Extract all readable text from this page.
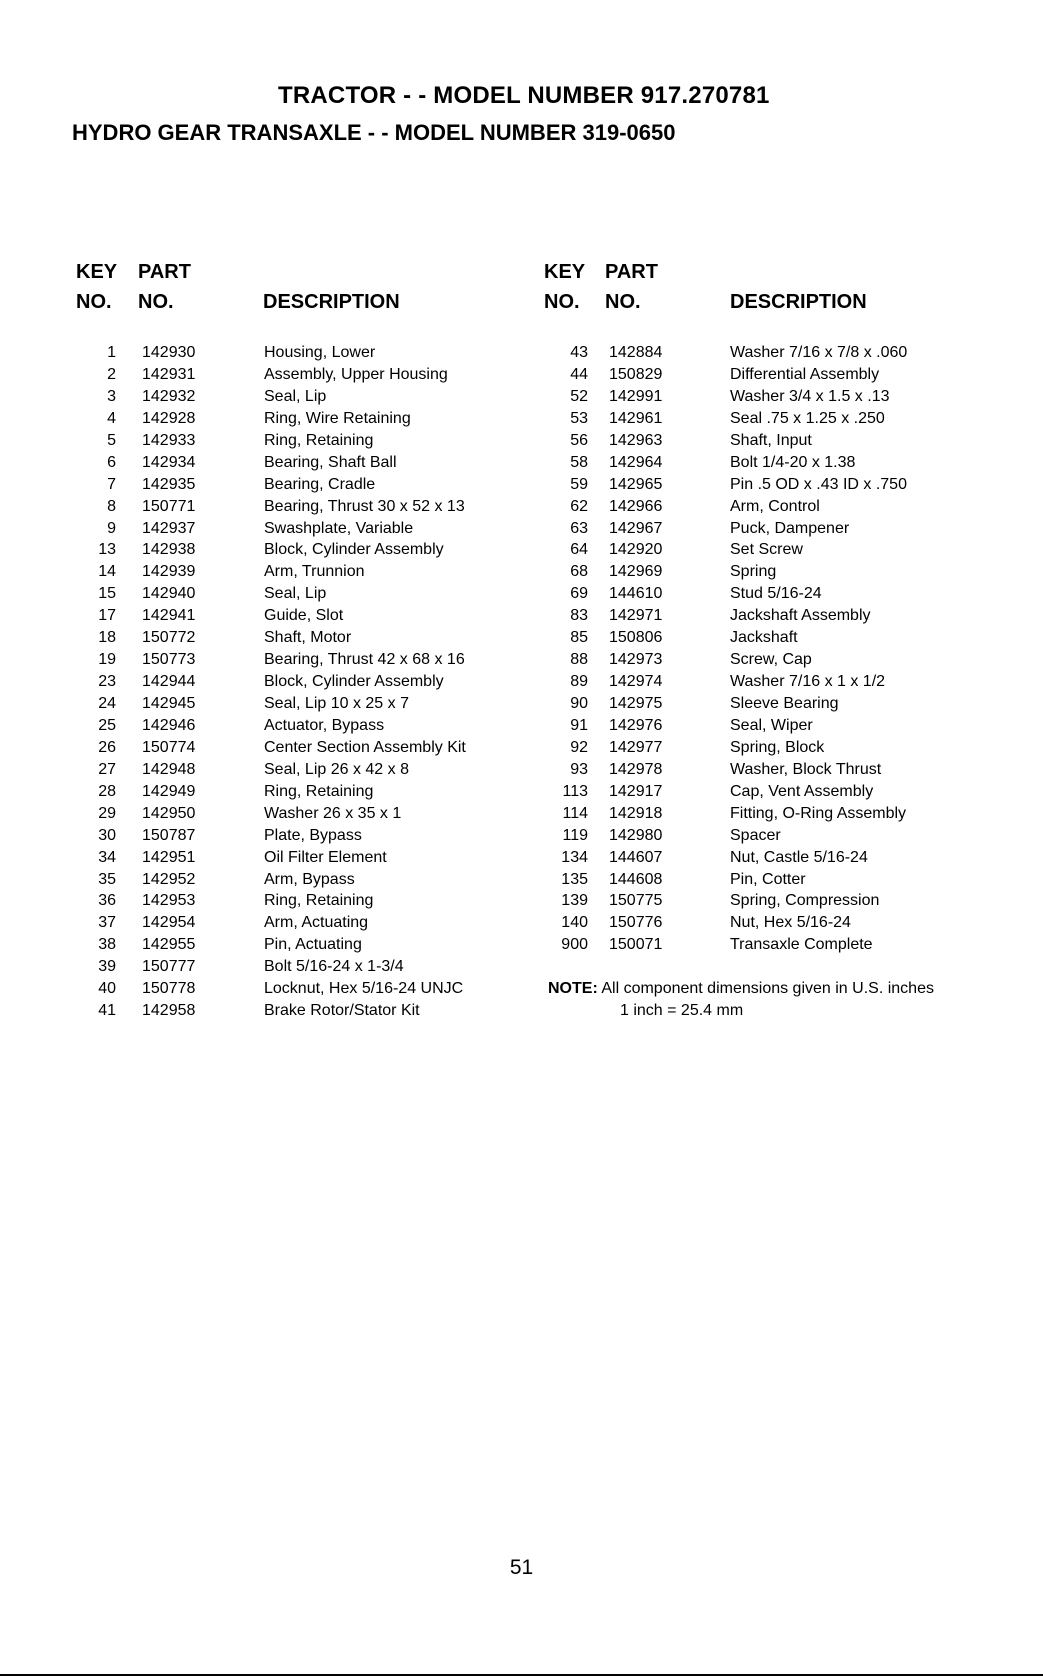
TRACTOR - - MODEL NUMBER 917.270781
HYDRO GEAR TRANSAXLE - - MODEL NUMBER 319-0650
KEY PART
NO. NO.	DESCRIPTION
KEY PART
NO. NO.	DESCRIPTION
1 142930	Housing, Lower
2 142931	Assembly, Upper Housing
3 142932	Seal, Lip
4 142928	Ring, Wire Retaining
5 142933	Ring, Retaining
6 142934	Bearing, Shaft Ball
7 142935	Bearing, Cradle
8 150771	Bearing, Thrust 30 x 52 x 13
9 142937	Swashplate, Variable
13 142938	Block, Cylinder Assembly
14 142939	Arm, Trunnion
15 142940	Seal, Lip
17 142941	Guide, Slot
18 150772	Shaft, Motor
19 150773	Bearing, Thrust 42 x 68 x 16
23 142944	Block, Cylinder Assembly
24 142945	Seal, Lip 10 x 25 x 7
25 142946	Actuator, Bypass
26 150774	Center Section Assembly Kit
27 142948	Seal, Lip 26 x 42 x 8
28 142949	Ring, Retaining
29 142950	Washer 26 x 35 x 1
30 150787	Plate, Bypass
34 142951	Oil Filter Element
35 142952	Arm, Bypass
36 142953	Ring, Retaining
37 142954	Arm, Actuating
38 142955	Pin, Actuating
39 150777	Bolt 5/16-24 x 1-3/4
40 150778	Locknut, Hex 5/16-24 UNJC
41 142958	Brake Rotor/Stator Kit
43 142884	Washer 7/16 x 7/8 x .060
44 150829	Differential Assembly
52 142991	Washer 3/4 x 1.5 x .13
53 142961	Seal .75 x 1.25 x .250
56 142963	Shaft, Input
58 142964	Bolt 1/4-20 x 1.38
59 142965	Pin .5 OD x .43 ID x .750
62 142966	Arm, Control
63 142967	Puck, Dampener
64 142920	Set Screw
68 142969	Spring
69 144610	Stud 5/16-24
83 142971	Jackshaft Assembly
85 150806	Jackshaft
88 142973	Screw, Cap
89 142974	Washer 7/16 x 1 x 1/2
90 142975	Sleeve Bearing
91 142976	Seal, Wiper
92 142977	Spring, Block
93 142978	Washer, Block Thrust
113 142917	Cap, Vent Assembly
114 142918	Fitting, O-Ring Assembly
119 142980	Spacer
134 144607	Nut, Castle 5/16-24
135 144608	Pin, Cotter
139 150775	Spring, Compression
140 150776	Nut, Hex 5/16-24
900 150071	Transaxle Complete
NOTE: All component dimensions given in U.S. inches
1 inch = 25.4 mm
51
